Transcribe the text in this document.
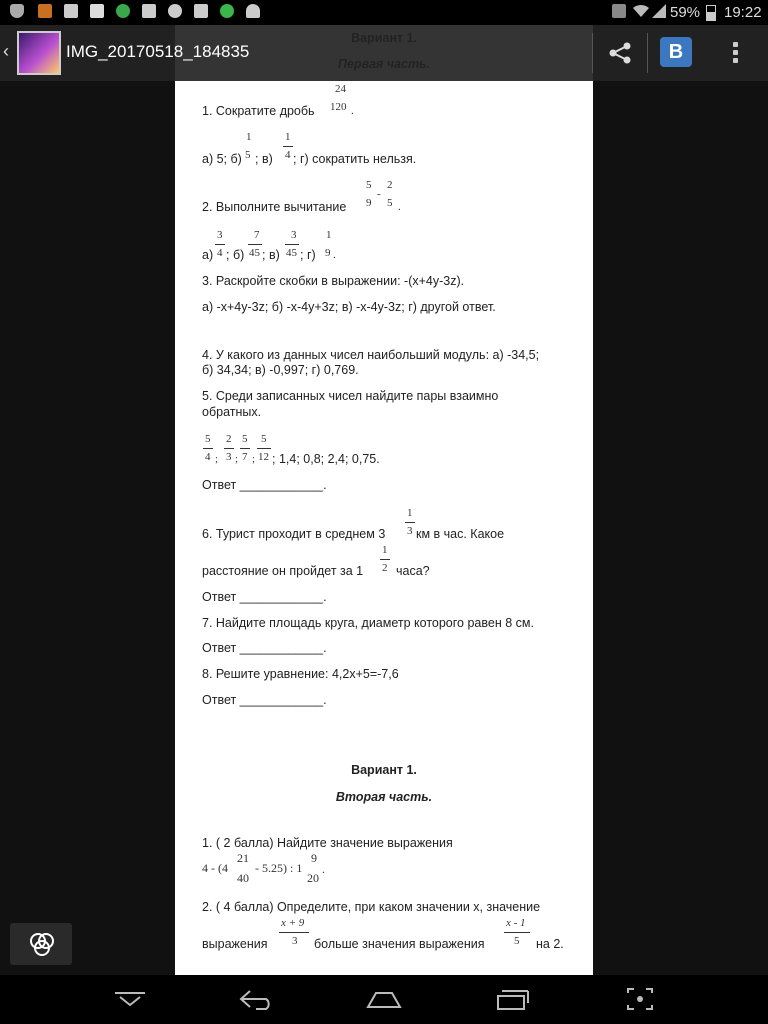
59% 19:22

1. Сократите дробь

24
120 .

а) 5; б)

1
5 ; в)

1
4 ; г) сократить нельзя.

2. Выполните вычитание

5
9
-
2
5 .

а)

3
4 ; б)

7
45 ; в)

3
45 ; г)

1
9 .

3. Раскройте скобки в выражении: -(x+4y-3z).

а) -x+4y-3z; б) -x-4y+3z; в) -x-4y-3z; г) другой ответ.

4. У какого из данных чисел наибольший модуль: а) -34,5;

б) 34,34; в) -0,997; г) 0,769.

5. Среди записанных чисел найдите пары взаимно

обратных.

5
4 ;
2
3 ;
5
7 ;
5
12 ; 1,4; 0,8; 2,4; 0,75.

Ответ ____________.

6. Турист проходит в среднем 3

1
3 км в час. Какое

расстояние он пройдет за 1

1
2 часа?

Ответ ____________.

7. Найдите площадь круга, диаметр которого равен 8 см.

Ответ ____________.

8. Решите уравнение: 4,2x+5=-7,6

Ответ ____________.

Вариант 1.

Вторая часть.

1. ( 2 балла) Найдите значение выражения

4 - (4
21
40
- 5.25) : 1
9
20
.

2. ( 4 балла) Определите, при каком значении x, значение

выражения

x + 9
3 больше значения выражения

x - 1
5 на 2.

‹	IMG_20170518_184835	В
